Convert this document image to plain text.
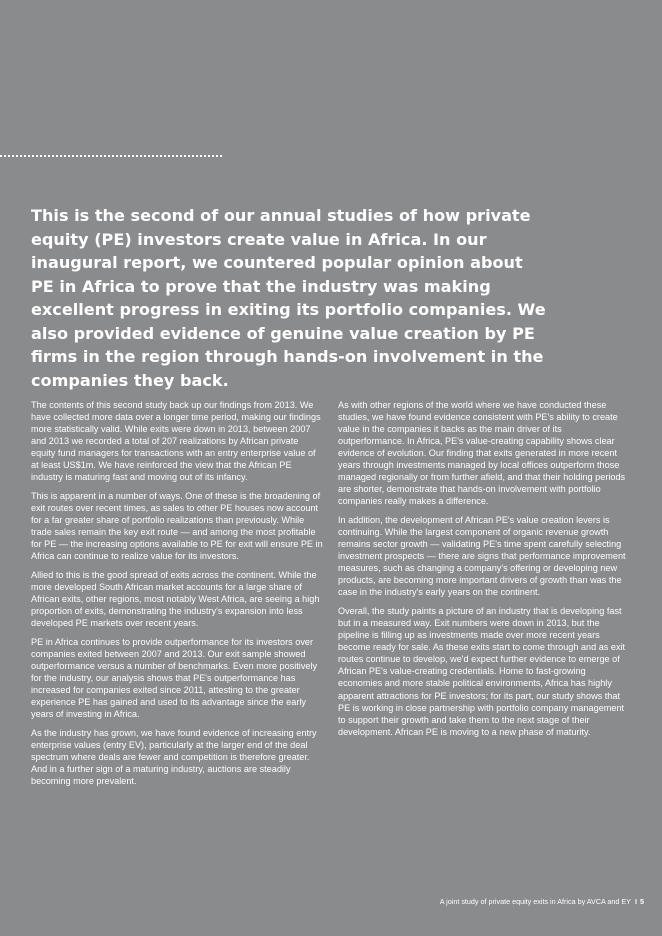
This is the second of our annual studies of how private equity (PE) investors create value in Africa. In our inaugural report, we countered popular opinion about PE in Africa to prove that the industry was making excellent progress in exiting its portfolio companies. We also provided evidence of genuine value creation by PE firms in the region through hands-on involvement in the companies they back.

The contents of this second study back up our findings from 2013. We have collected more data over a longer time period, making our findings more statistically valid. While exits were down in 2013, between 2007 and 2013 we recorded a total of 207 realizations by African private equity fund managers for transactions with an entry enterprise value of at least US$1m. We have reinforced the view that the African PE industry is maturing fast and moving out of its infancy.

This is apparent in a number of ways. One of these is the broadening of exit routes over recent times, as sales to other PE houses now account for a far greater share of portfolio realizations than previously. While trade sales remain the key exit route — and among the most profitable for PE — the increasing options available to PE for exit will ensure PE in Africa can continue to realize value for its investors.

Allied to this is the good spread of exits across the continent. While the more developed South African market accounts for a large share of African exits, other regions, most notably West Africa, are seeing a high proportion of exits, demonstrating the industry's expansion into less developed PE markets over recent years.

PE in Africa continues to provide outperformance for its investors over companies exited between 2007 and 2013. Our exit sample showed outperformance versus a number of benchmarks. Even more positively for the industry, our analysis shows that PE's outperformance has increased for companies exited since 2011, attesting to the greater experience PE has gained and used to its advantage since the early years of investing in Africa.

As the industry has grown, we have found evidence of increasing entry enterprise values (entry EV), particularly at the larger end of the deal spectrum where deals are fewer and competition is therefore greater. And in a further sign of a maturing industry, auctions are steadily becoming more prevalent.

As with other regions of the world where we have conducted these studies, we have found evidence consistent with PE's ability to create value in the companies it backs as the main driver of its outperformance. In Africa, PE's value-creating capability shows clear evidence of evolution. Our finding that exits generated in more recent years through investments managed by local offices outperform those managed regionally or from further afield, and that their holding periods are shorter, demonstrate that hands-on involvement with portfolio companies really makes a difference.

In addition, the development of African PE's value creation levers is continuing. While the largest component of organic revenue growth remains sector growth — validating PE's time spent carefully selecting investment prospects — there are signs that performance improvement measures, such as changing a company's offering or developing new products, are becoming more important drivers of growth than was the case in the industry's early years on the continent.

Overall, the study paints a picture of an industry that is developing fast but in a measured way. Exit numbers were down in 2013, but the pipeline is filling up as investments made over more recent years become ready for sale. As these exits start to come through and as exit routes continue to develop, we'd expect further evidence to emerge of African PE's value-creating credentials. Home to fast-growing economies and more stable political environments, Africa has highly apparent attractions for PE investors; for its part, our study shows that PE is working in close partnership with portfolio company management to support their growth and take them to the next stage of their development. African PE is moving to a new phase of maturity.

A joint study of private equity exits in Africa by AVCA and EY I 5
